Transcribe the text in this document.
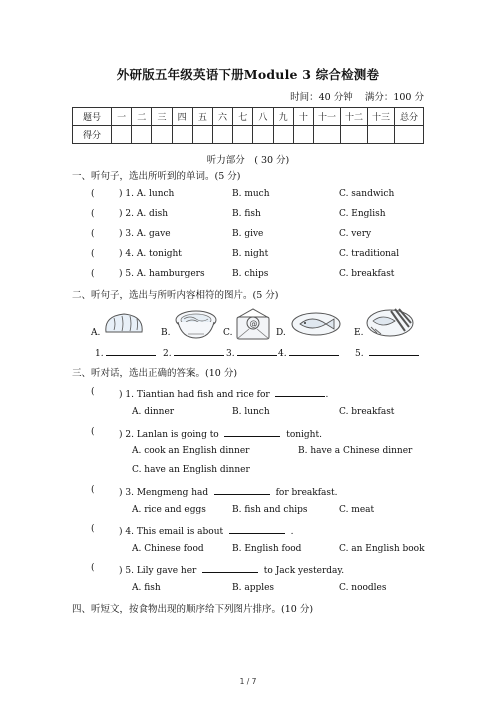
外研版五年级英语下册Module 3 综合检测卷
时间：40 分钟 满分：100 分
题号	一	二	三	四	五	六	七	八	九	十	十一	十二	十三	总分
得分														
听力部分　( 30 分)
一、听句子，选出所听到的单词。(5 分)
(	) 1. A. lunch	B. much	C. sandwich
(	) 2. A. dish	B. fish	C. English
(	) 3. A. gave	B. give	C. very
(	) 4. A. tonight	B. night	C. traditional
(	) 5. A. hamburgers	B. chips	C. breakfast
二、听句子，选出与所听内容相符的图片。(5 分)
A.	B.	C.
@
D.	E.
1.	2.	3.	4.	5.
三、听对话，选出正确的答案。(10 分)
(	) 1. Tiantian had fish and rice for	.
A. dinner	B. lunch	C. breakfast
(	) 2. Lanlan is going to	tonight.
A. cook an English dinner	B. have a Chinese dinner
C. have an English dinner
(	) 3. Mengmeng had	for breakfast.
A. rice and eggs	B. fish and chips	C. meat
(	) 4. This email is about	.
A. Chinese food	B. English food	C. an English book
(	) 5. Lily gave her	to Jack yesterday.
A. fish	B. apples	C. noodles
四、听短文，按食物出现的顺序给下列图片排序。(10 分)
1 / 7
